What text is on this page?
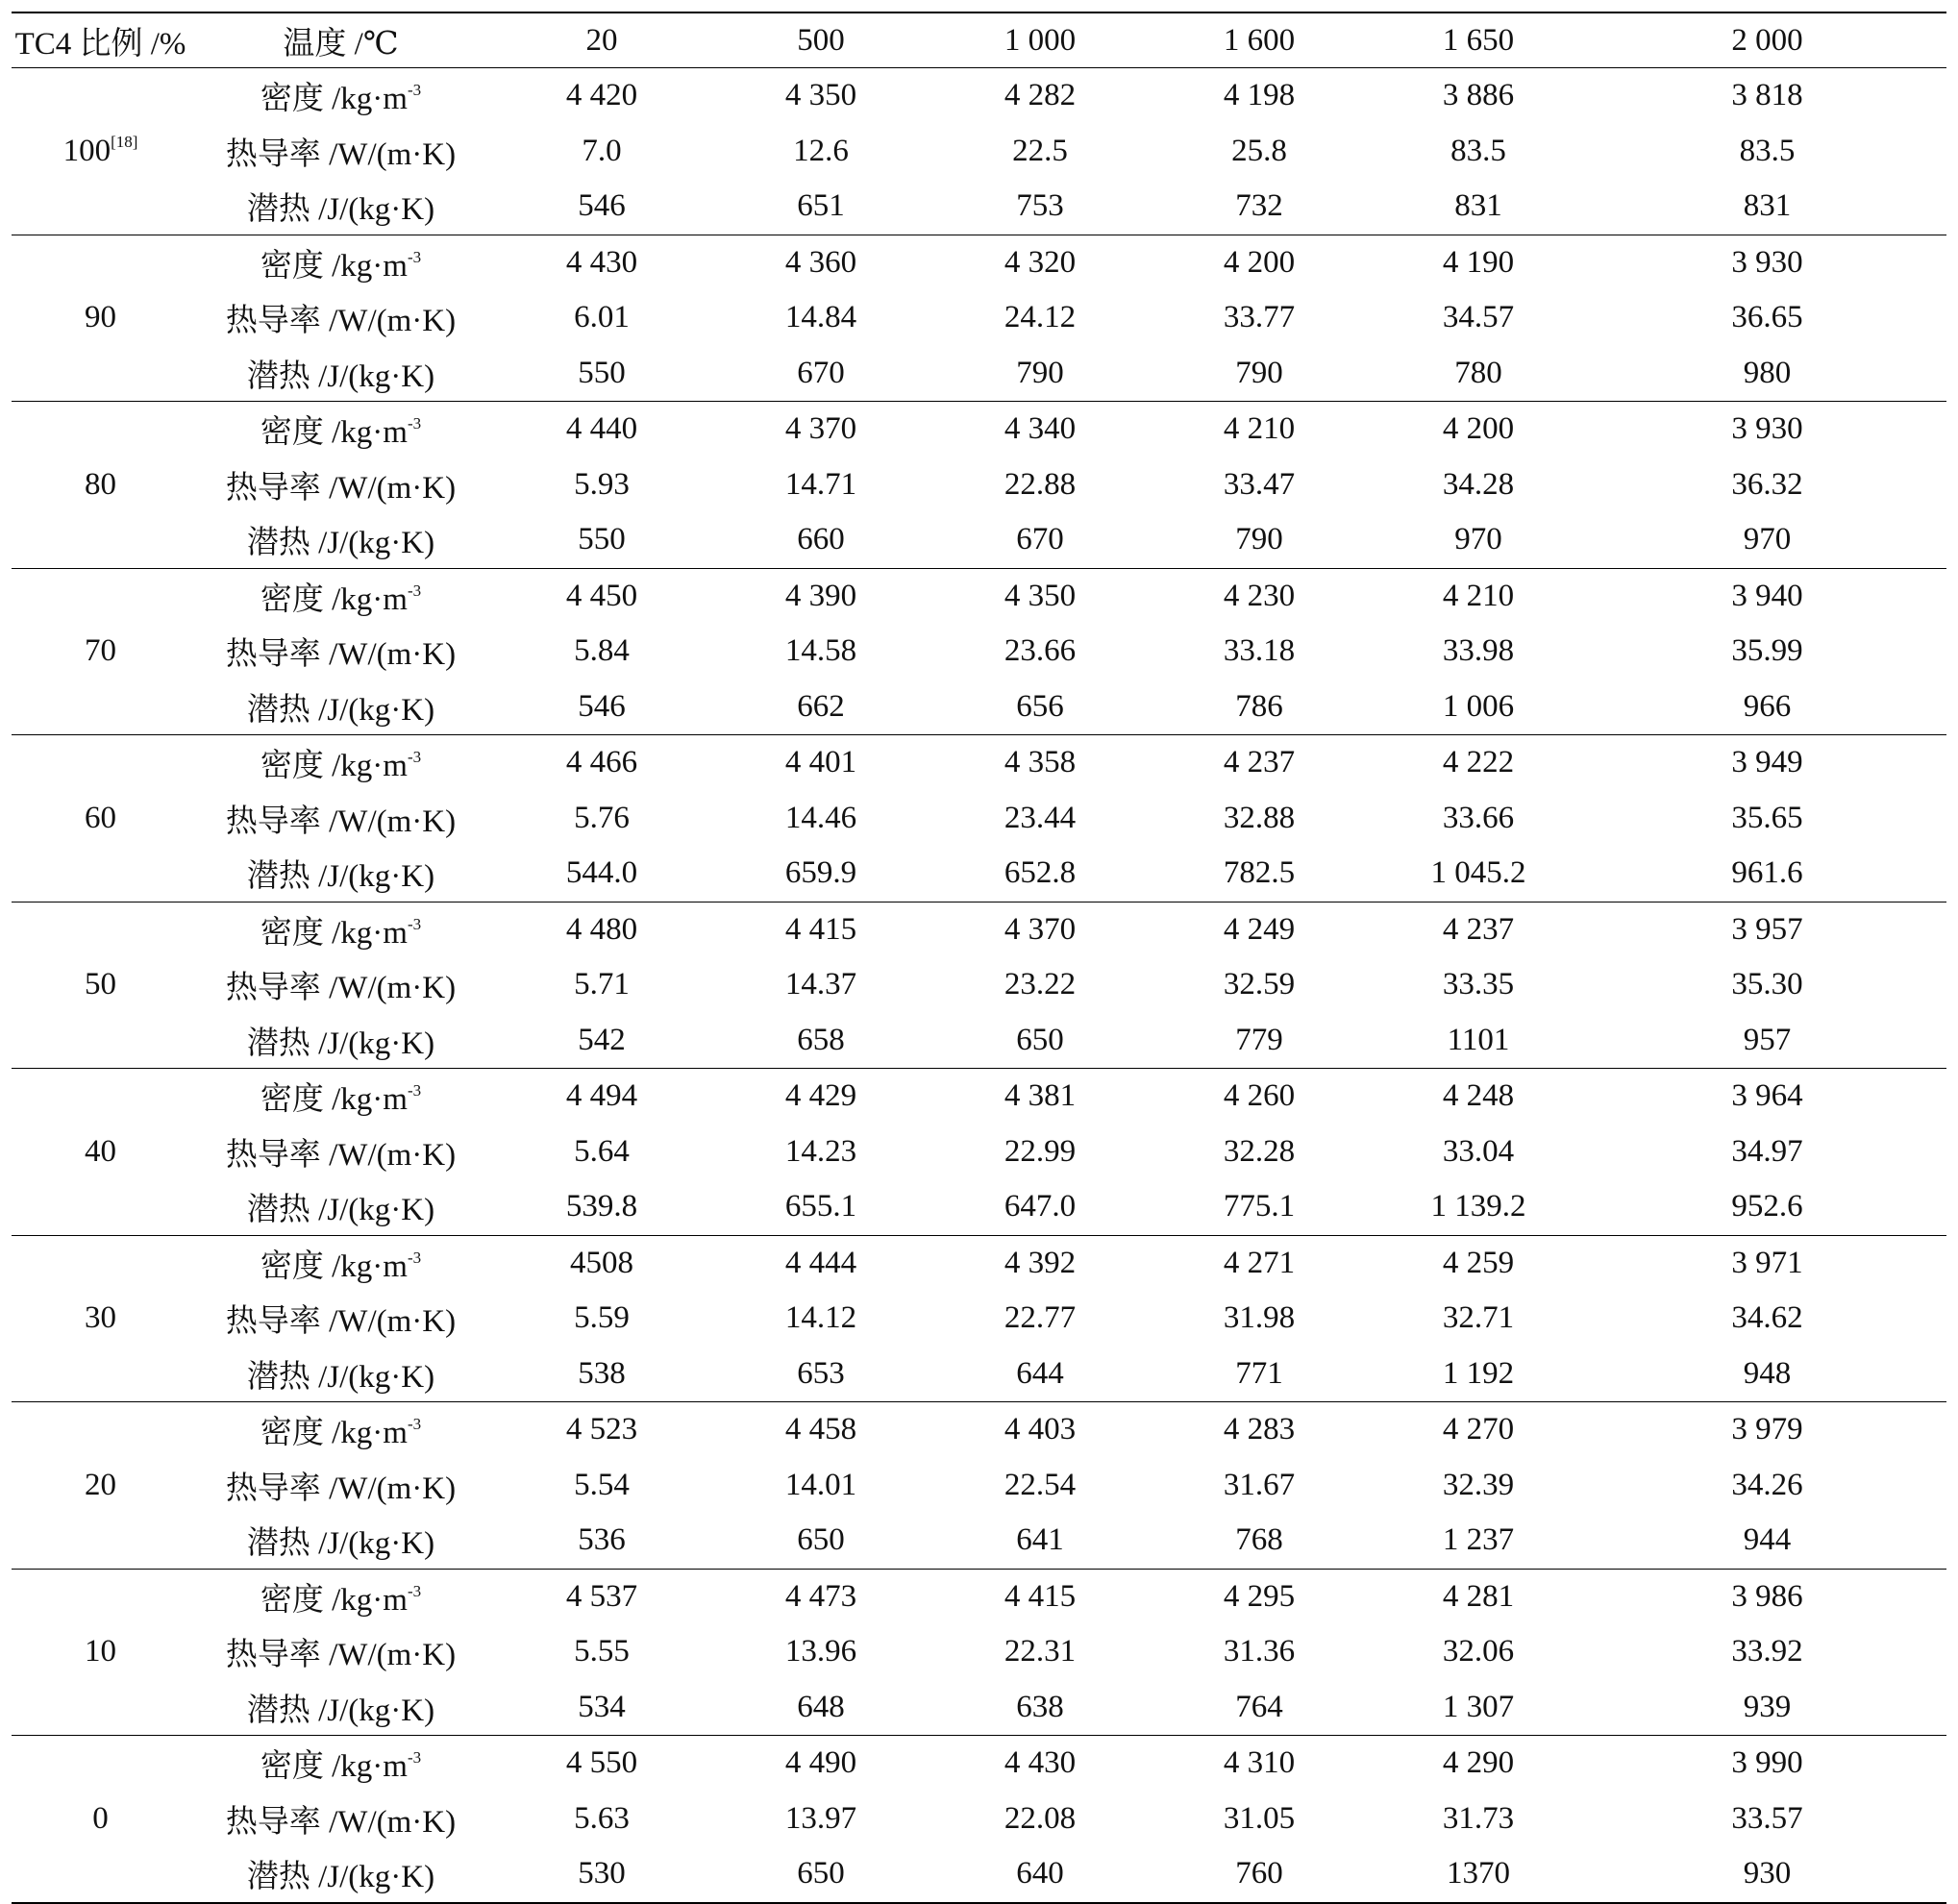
TC4 比例 /%	温度 /℃	20	500	1 000	1 600	1 650	2 000
100[18]	密度 $/kg\cdot m^{-3}$	4 420	4 350	4 282	4 198	3 886	3 818
	热导率 /W/(m·K)	7.0	12.6	22.5	25.8	83.5	83.5
	潜热 /J/(kg·K)	546	651	753	732	831	831
90	密度 $/kg\cdot m^{-3}$	4 430	4 360	4 320	4 200	4 190	3 930
	热导率 /W/(m·K)	6.01	14.84	24.12	33.77	34.57	36.65
	潜热 /J/(kg·K)	550	670	790	790	780	980
80	密度 $/kg\cdot m^{-3}$	4 440	4 370	4 340	4 210	4 200	3 930
	热导率 /W/(m·K)	5.93	14.71	22.88	33.47	34.28	36.32
	潜热 /J/(kg·K)	550	660	670	790	970	970
70	密度 $/kg\cdot m^{-3}$	4 450	4 390	4 350	4 230	4 210	3 940
	热导率 /W/(m·K)	5.84	14.58	23.66	33.18	33.98	35.99
	潜热 /J/(kg·K)	546	662	656	786	1 006	966
60	密度 $/kg\cdot m^{-3}$	4 466	4 401	4 358	4 237	4 222	3 949
	热导率 /W/(m·K)	5.76	14.46	23.44	32.88	33.66	35.65
	潜热 /J/(kg·K)	544.0	659.9	652.8	782.5	1 045.2	961.6
50	密度 $/kg\cdot m^{-3}$	4 480	4 415	4 370	4 249	4 237	3 957
	热导率 /W/(m·K)	5.71	14.37	23.22	32.59	33.35	35.30
	潜热 /J/(kg·K)	542	658	650	779	1101	957
40	密度 $/kg\cdot m^{-3}$	4 494	4 429	4 381	4 260	4 248	3 964
	热导率 /W/(m·K)	5.64	14.23	22.99	32.28	33.04	34.97
	潜热 /J/(kg·K)	539.8	655.1	647.0	775.1	1 139.2	952.6
30	密度 $/kg\cdot m^{-3}$	4508	4 444	4 392	4 271	4 259	3 971
	热导率 /W/(m·K)	5.59	14.12	22.77	31.98	32.71	34.62
	潜热 /J/(kg·K)	538	653	644	771	1 192	948
20	密度 $/kg\cdot m^{-3}$	4 523	4 458	4 403	4 283	4 270	3 979
	热导率 /W/(m·K)	5.54	14.01	22.54	31.67	32.39	34.26
	潜热 /J/(kg·K)	536	650	641	768	1 237	944
10	密度 $/kg\cdot m^{-3}$	4 537	4 473	4 415	4 295	4 281	3 986
	热导率 /W/(m·K)	5.55	13.96	22.31	31.36	32.06	33.92
	潜热 /J/(kg·K)	534	648	638	764	1 307	939
0	密度 $/kg\cdot m^{-3}$	4 550	4 490	4 430	4 310	4 290	3 990
	热导率 /W/(m·K)	5.63	13.97	22.08	31.05	31.73	33.57
	潜热 /J/(kg·K)	530	650	640	760	1370	930
